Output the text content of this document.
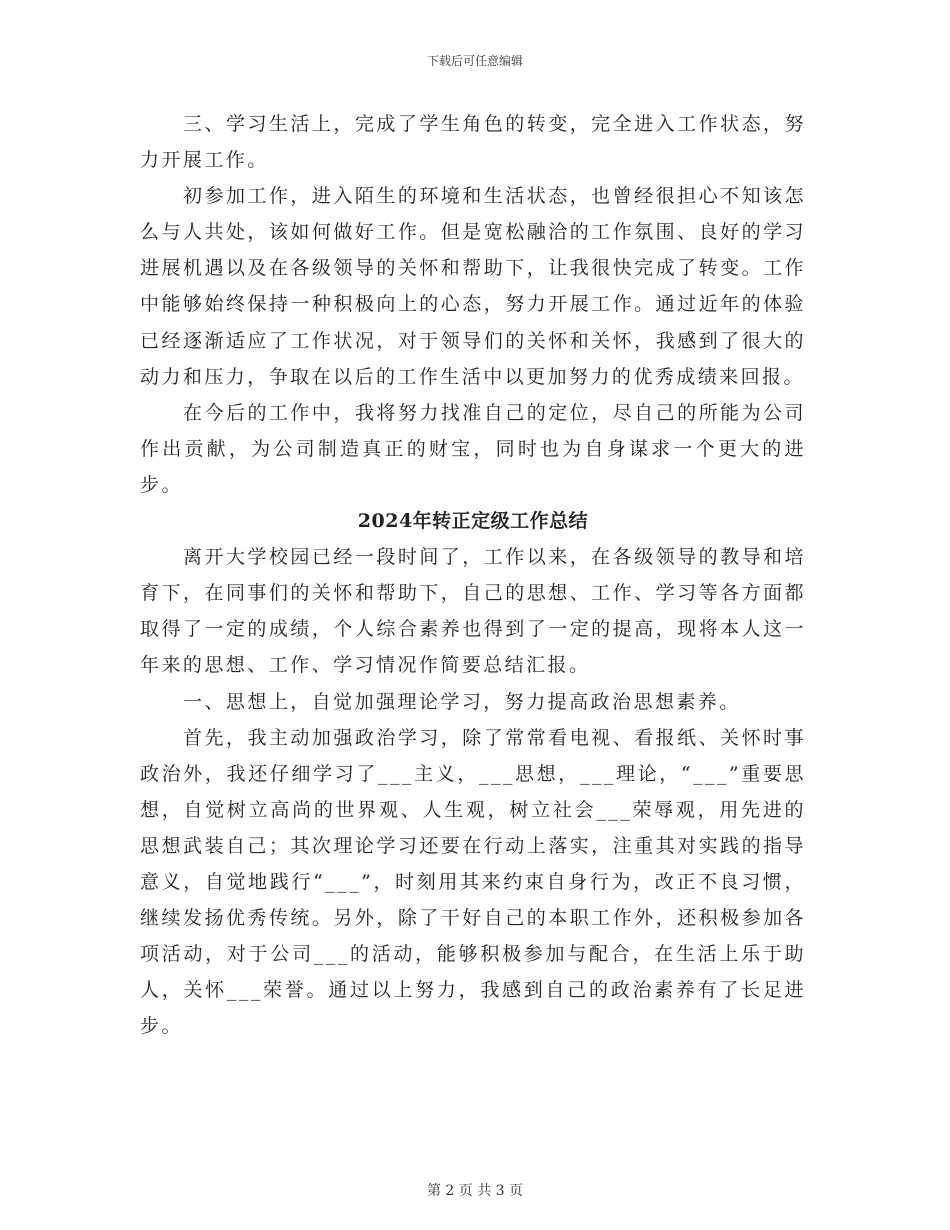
下载后可任意编辑

三、学习生活上，完成了学生角色的转变，完全进入工作状态，努力开展工作。

初参加工作，进入陌生的环境和生活状态，也曾经很担心不知该怎么与人共处，该如何做好工作。但是宽松融洽的工作氛围、良好的学习进展机遇以及在各级领导的关怀和帮助下，让我很快完成了转变。工作中能够始终保持一种积极向上的心态，努力开展工作。通过近年的体验已经逐渐适应了工作状况，对于领导们的关怀和关怀，我感到了很大的动力和压力，争取在以后的工作生活中以更加努力的优秀成绩来回报。

在今后的工作中，我将努力找准自己的定位，尽自己的所能为公司作出贡献，为公司制造真正的财宝，同时也为自身谋求一个更大的进步。

2024年转正定级工作总结

离开大学校园已经一段时间了，工作以来，在各级领导的教导和培育下，在同事们的关怀和帮助下，自己的思想、工作、学习等各方面都取得了一定的成绩，个人综合素养也得到了一定的提高，现将本人这一年来的思想、工作、学习情况作简要总结汇报。

一、思想上，自觉加强理论学习，努力提高政治思想素养。

首先，我主动加强政治学习，除了常常看电视、看报纸、关怀时事政治外，我还仔细学习了___主义，___思想，___理论，“___”重要思想，自觉树立高尚的世界观、人生观，树立社会___荣辱观，用先进的思想武装自己；其次理论学习还要在行动上落实，注重其对实践的指导意义，自觉地践行“___”，时刻用其来约束自身行为，改正不良习惯，继续发扬优秀传统。另外，除了干好自己的本职工作外，还积极参加各项活动，对于公司___的活动，能够积极参加与配合，在生活上乐于助人，关怀___荣誉。通过以上努力，我感到自己的政治素养有了长足进步。

第 2 页 共 3 页
